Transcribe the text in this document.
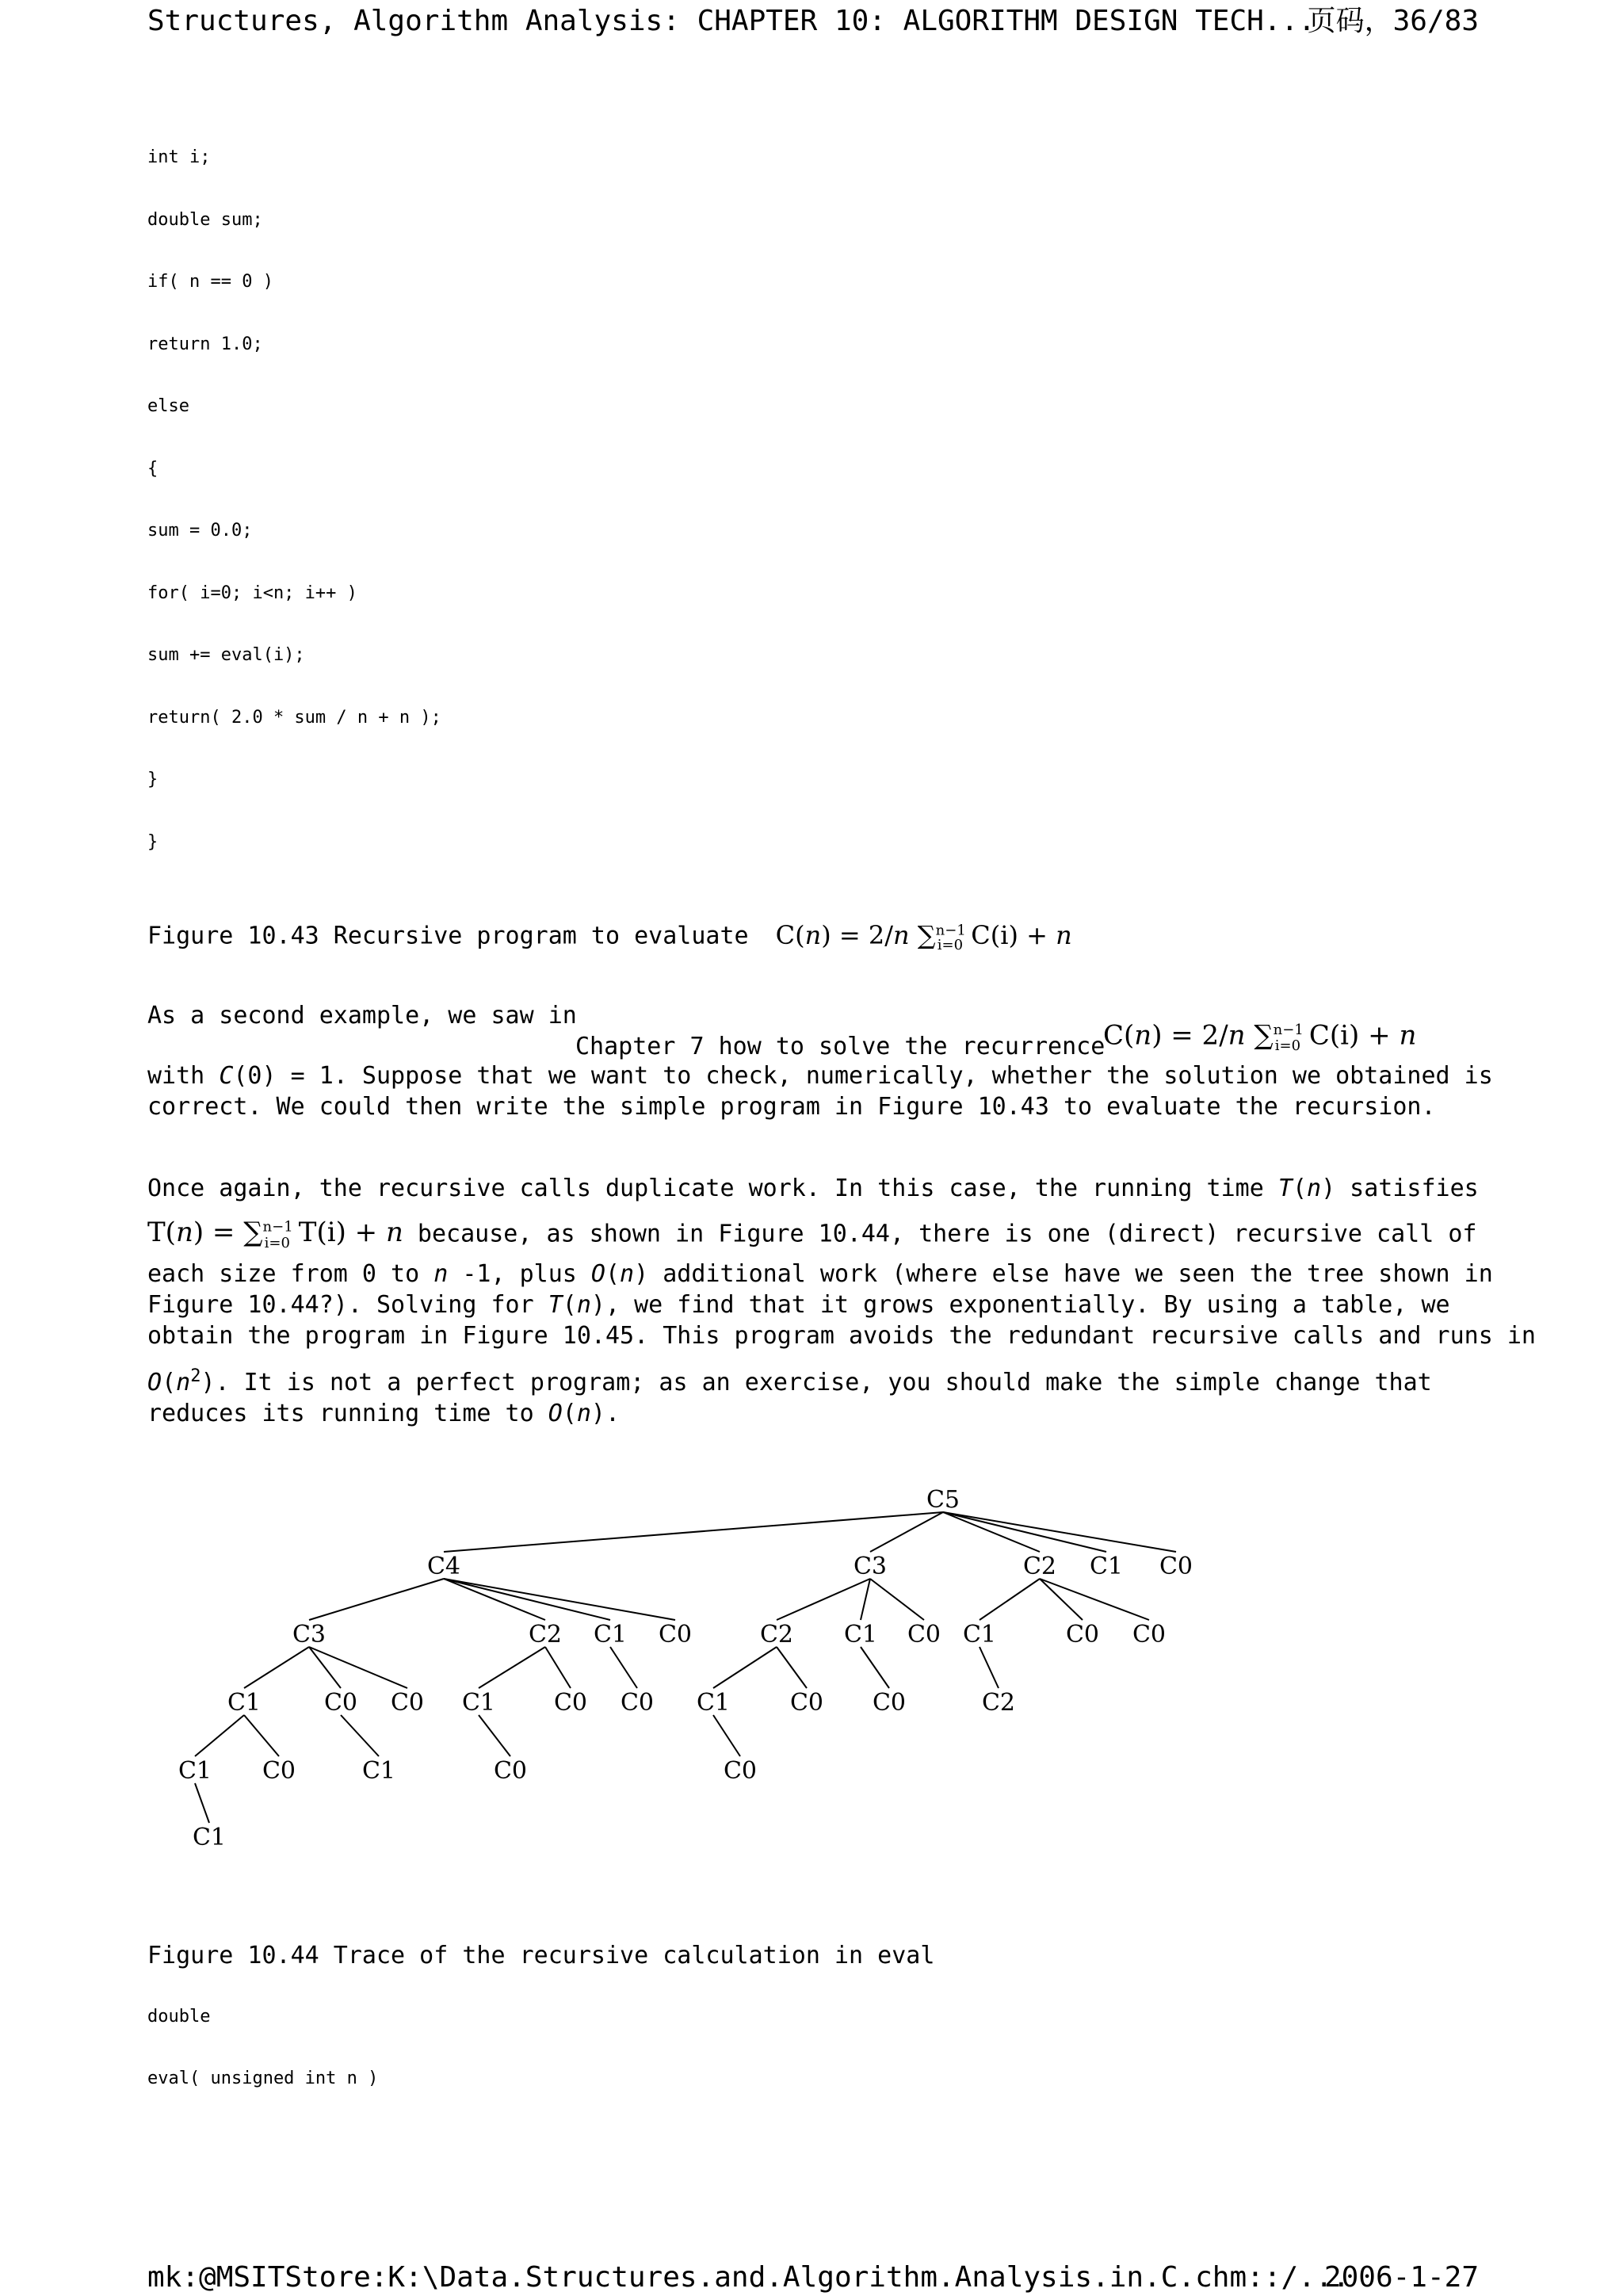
Structures, Algorithm Analysis: CHAPTER 10: ALGORITHM DESIGN TECH...
页码，36/83
int i;
double sum;
if( n == 0 )
return 1.0;
else
{
sum = 0.0;
for( i=0; i<n; i++ )
sum += eval(i);
return( 2.0 * sum / n + n );
}
}
Figure 10.43 Recursive program to evaluate C(n) = 2/n ∑$^{n-1}_{i=0}$ C(i) + n

As a second example, we saw in

Chapter 7 how to solve the recurrence

with C(0) = 1. Suppose that we want to check, numerically, whether the solution we obtained is

correct. We could then write the simple program in Figure 10.43 to evaluate the recursion.

C(n) = 2/n ∑$^{n-1}_{i=0}$ C(i) + n

Once again, the recursive calls duplicate work. In this case, the running time T(n) satisfies

T(n) = ∑$^{n-1}_{i=0}$ T(i) + n because, as shown in Figure 10.44, there is one (direct) recursive call of

each size from 0 to n -1, plus O(n) additional work (where else have we seen the tree shown in

Figure 10.44?). Solving for T(n), we find that it grows exponentially. By using a table, we

obtain the program in Figure 10.45. This program avoids the redundant recursive calls and runs in

$O(n^2)$. It is not a perfect program; as an exercise, you should make the simple change that

reduces its running time to O(n).

C5
C4	C3	C2 C1 C0
C3	C2 C1 C0	C2 C1 C0 C1	C0 C0
C1	C0 C0 C1 C0 C0 C1	C0 C0	C2
C1 C0	C1	C0	C0
C1
Figure 10.44 Trace of the recursive calculation in eval
double
eval( unsigned int n )
mk:@MSITStore:K:\Data.Structures.and.Algorithm.Analysis.in.C.chm::/...
2006-1-27
